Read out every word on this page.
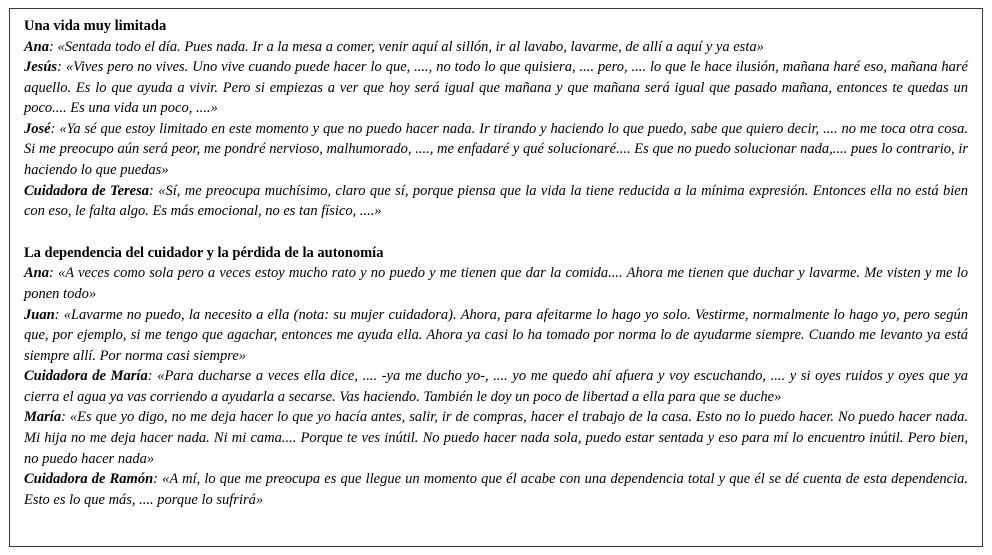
Una vida muy limitada

Ana: «Sentada todo el día. Pues nada. Ir a la mesa a comer, venir aquí al sillón, ir al lavabo, lavarme, de allí a aquí y ya esta»

Jesús: «Vives pero no vives. Uno vive cuando puede hacer lo que, ...., no todo lo que quisiera, .... pero, .... lo que le hace ilusión, mañana haré eso, mañana haré aquello. Es lo que ayuda a vivir. Pero si empiezas a ver que hoy será igual que mañana y que mañana será igual que pasado mañana, entonces te quedas un poco.... Es una vida un poco, ....»

José: «Ya sé que estoy limitado en este momento y que no puedo hacer nada. Ir tirando y haciendo lo que puedo, sabe que quiero decir, .... no me toca otra cosa. Si me preocupo aún será peor, me pondré nervioso, malhumorado, ...., me enfadaré y qué solucionaré.... Es que no puedo solucionar nada,.... pues lo contrario, ir haciendo lo que puedas»

Cuidadora de Teresa: «Sí, me preocupa muchísimo, claro que sí, porque piensa que la vida la tiene reducida a la mínima expresión. Entonces ella no está bien con eso, le falta algo. Es más emocional, no es tan físico, ....»

La dependencia del cuidador y la pérdida de la autonomía

Ana: «A veces como sola pero a veces estoy mucho rato y no puedo y me tienen que dar la comida.... Ahora me tienen que duchar y lavarme. Me visten y me lo ponen todo»

Juan: «Lavarme no puedo, la necesito a ella (nota: su mujer cuidadora). Ahora, para afeitarme lo hago yo solo. Vestirme, normalmente lo hago yo, pero según que, por ejemplo, si me tengo que agachar, entonces me ayuda ella. Ahora ya casi lo ha tomado por norma lo de ayudarme siempre. Cuando me levanto ya está siempre allí. Por norma casi siempre»

Cuidadora de María: «Para ducharse a veces ella dice, .... -ya me ducho yo-, .... yo me quedo ahí afuera y voy escuchando, .... y si oyes ruidos y oyes que ya cierra el agua ya vas corriendo a ayudarla a secarse. Vas haciendo. También le doy un poco de libertad a ella para que se duche»

María: «Es que yo digo, no me deja hacer lo que yo hacía antes, salir, ir de compras, hacer el trabajo de la casa. Esto no lo puedo hacer. No puedo hacer nada. Mi hija no me deja hacer nada. Ni mi cama.... Porque te ves inútil. No puedo hacer nada sola, puedo estar sentada y eso para mí lo encuentro inútil. Pero bien, no puedo hacer nada»

Cuidadora de Ramón: «A mí, lo que me preocupa es que llegue un momento que él acabe con una dependencia total y que él se dé cuenta de esta dependencia. Esto es lo que más, .... porque lo sufrirá»
